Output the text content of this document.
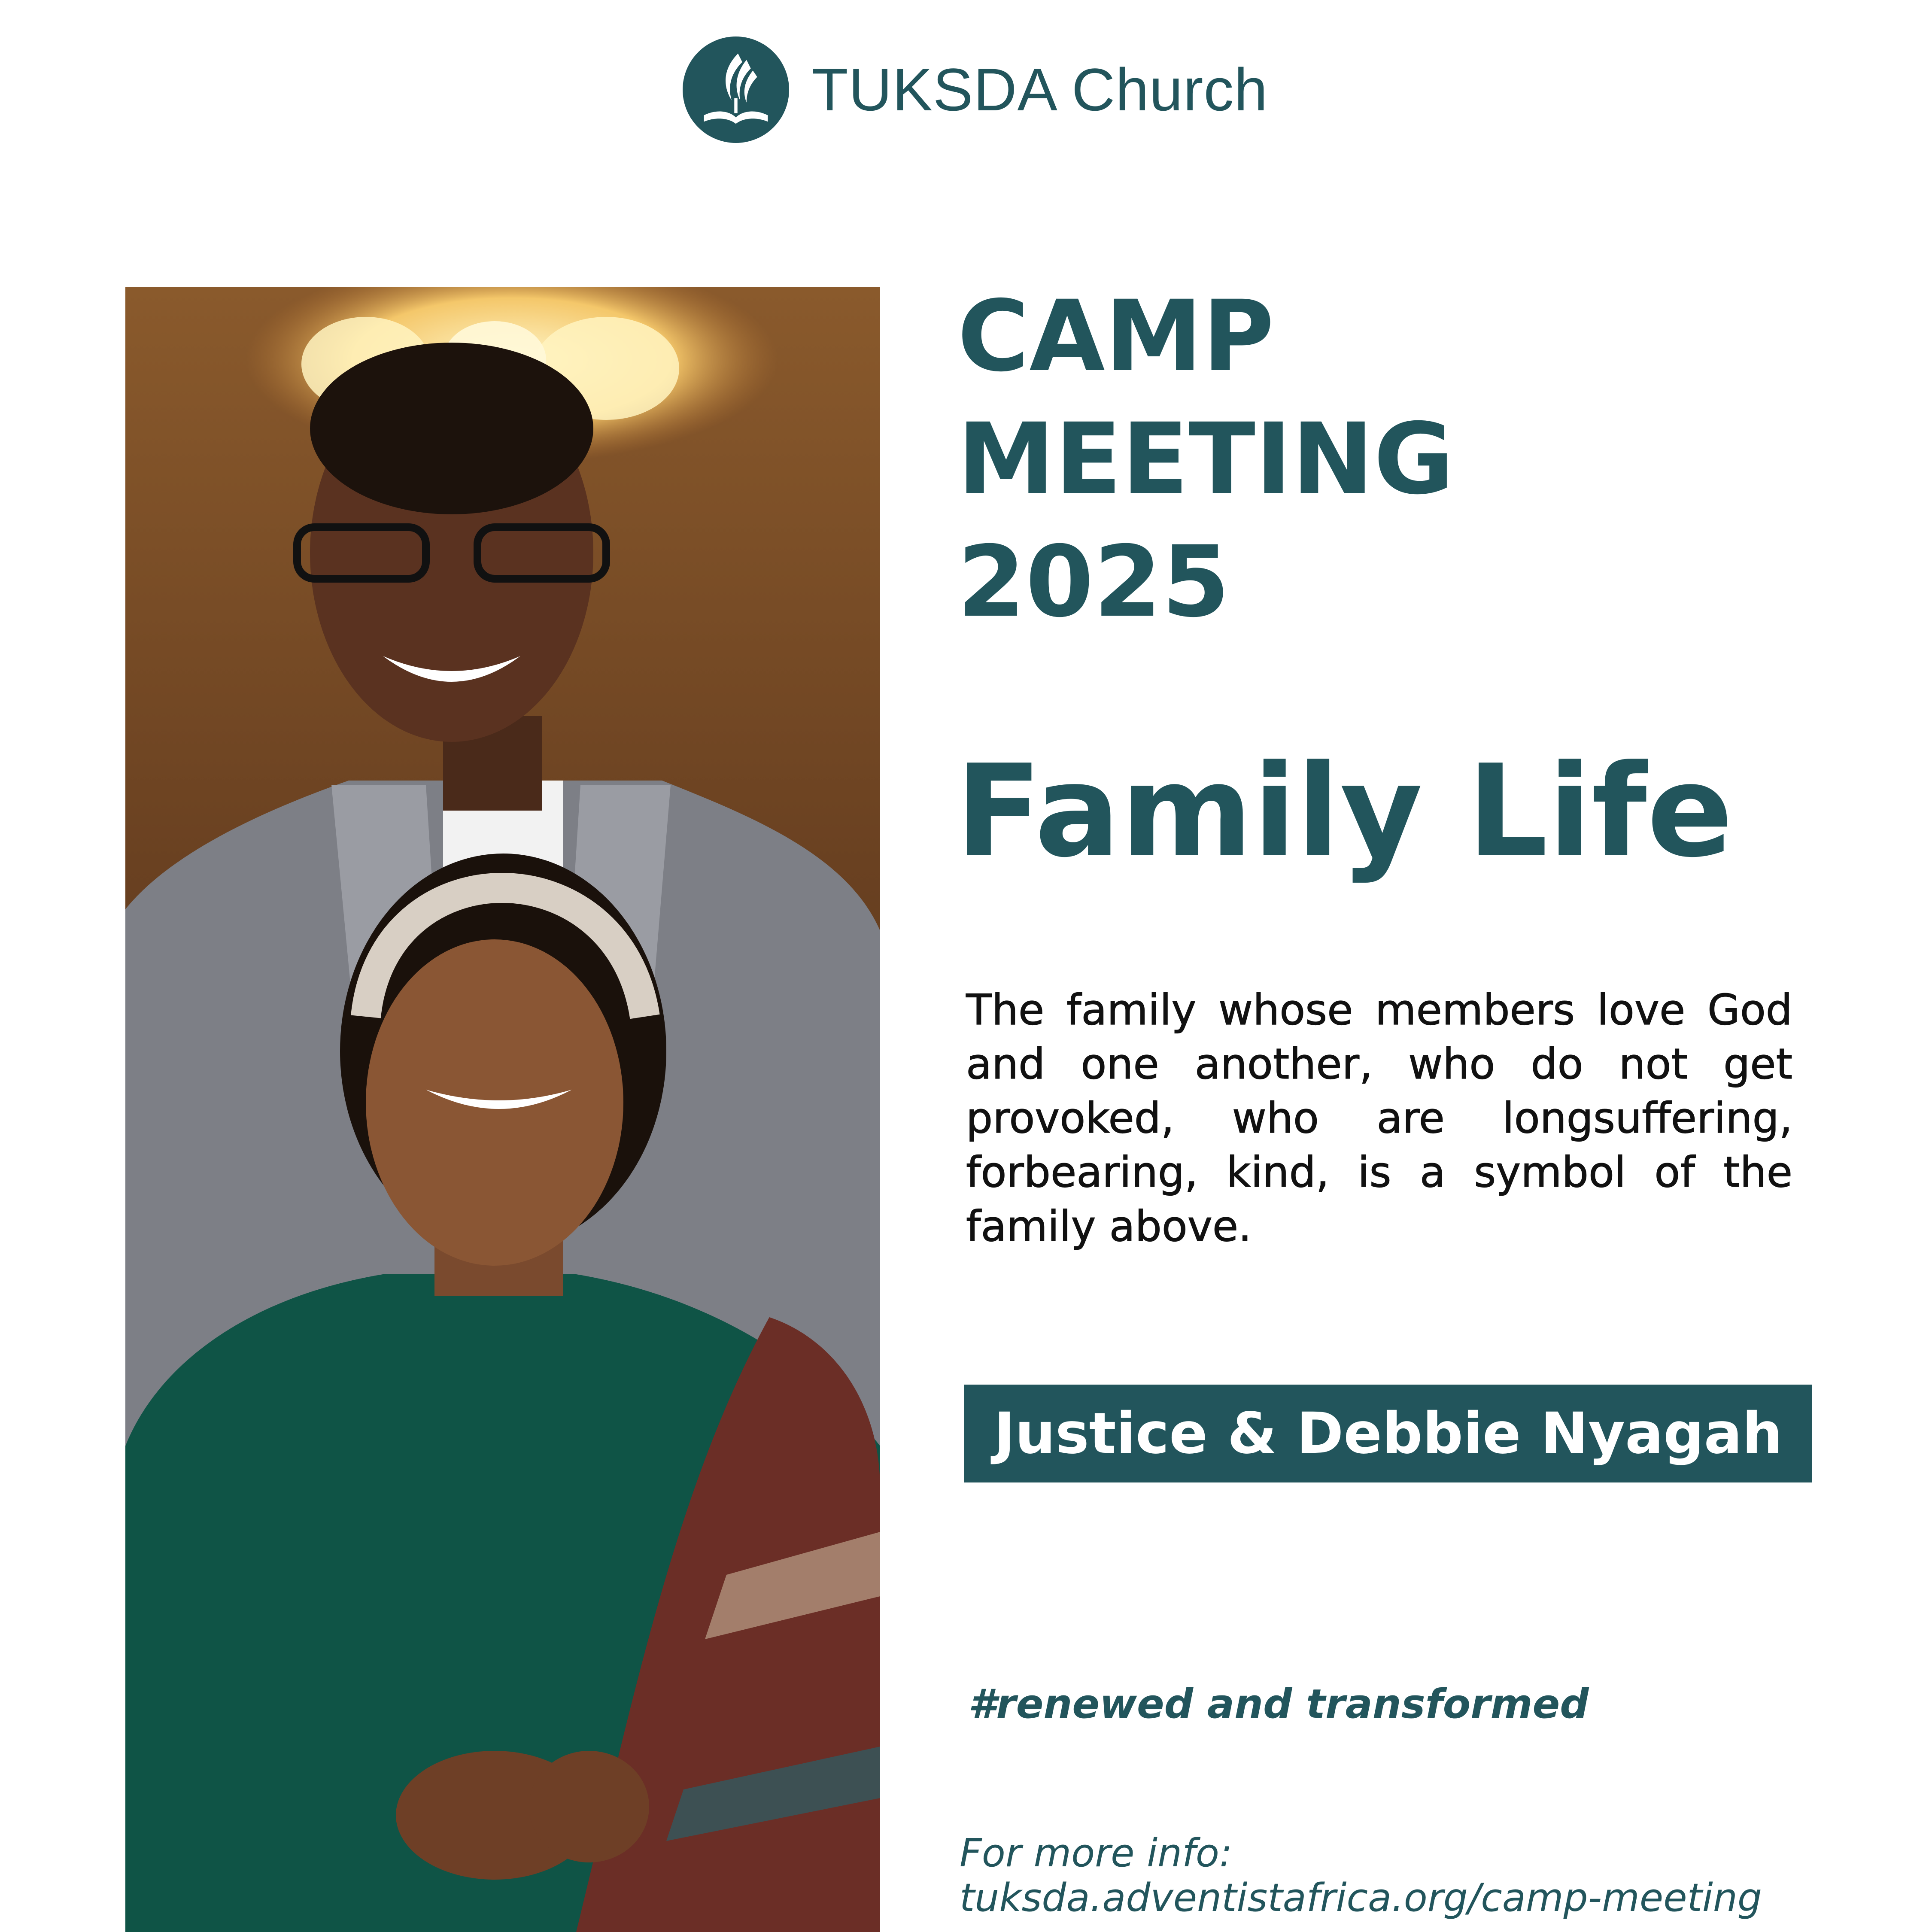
TUKSDA Church
CAMP
MEETING
2025
Family Life
The family whose members love God and one another, who do not get provoked, who are longsuffering, forbearing, kind, is a symbol of the family above.
Justice & Debbie Nyagah
#renewed and transformed
For more info:
tuksda.adventistafrica.org/camp-meeting
